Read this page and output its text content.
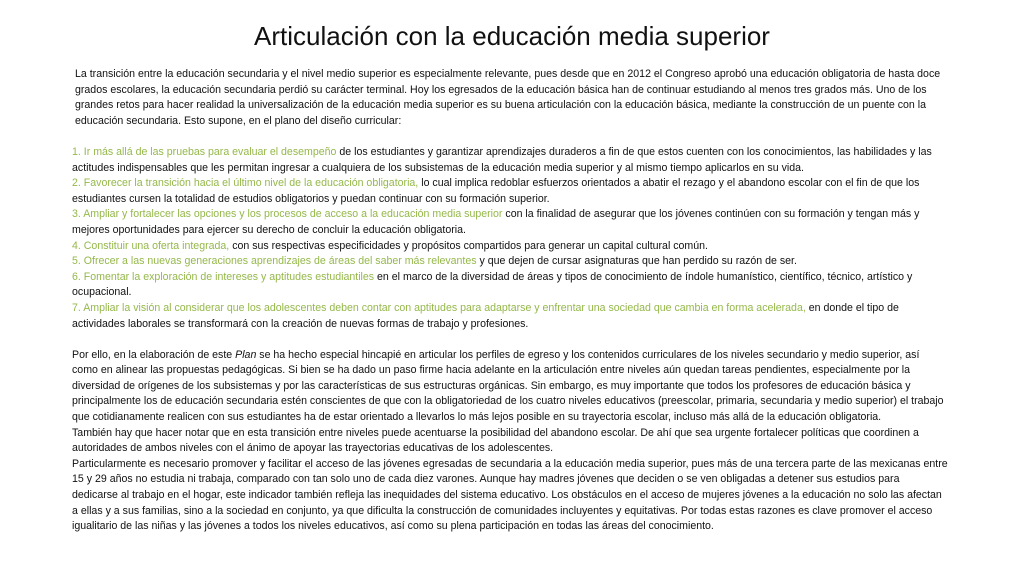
Articulación con la educación media superior

La transición entre la educación secundaria y el nivel medio superior es especialmente relevante, pues desde que en 2012 el Congreso aprobó una educación obligatoria de hasta doce grados escolares, la educación secundaria perdió su carácter terminal. Hoy los egresados de la educación básica han de continuar estudiando al menos tres grados más. Uno de los grandes retos para hacer realidad la universalización de la educación media superior es su buena articulación con la educación básica, mediante la construcción de un puente con la educación secundaria. Esto supone, en el plano del diseño curricular:

1. Ir más allá de las pruebas para evaluar el desempeño de los estudiantes y garantizar aprendizajes duraderos a fin de que estos cuenten con los conocimientos, las habilidades y las actitudes indispensables que les permitan ingresar a cualquiera de los subsistemas de la educación media superior y al mismo tiempo aplicarlos en su vida.

2. Favorecer la transición hacia el último nivel de la educación obligatoria, lo cual implica redoblar esfuerzos orientados a abatir el rezago y el abandono escolar con el fin de que los estudiantes cursen la totalidad de estudios obligatorios y puedan continuar con su formación superior.

3. Ampliar y fortalecer las opciones y los procesos de acceso a la educación media superior con la finalidad de asegurar que los jóvenes continúen con su formación y tengan más y mejores oportunidades para ejercer su derecho de concluir la educación obligatoria.

4. Constituir una oferta integrada, con sus respectivas especificidades y propósitos compartidos para generar un capital cultural común.

5. Ofrecer a las nuevas generaciones aprendizajes de áreas del saber más relevantes y que dejen de cursar asignaturas que han perdido su razón de ser.

6. Fomentar la exploración de intereses y aptitudes estudiantiles en el marco de la diversidad de áreas y tipos de conocimiento de índole humanístico, científico, técnico, artístico y ocupacional.

7. Ampliar la visión al considerar que los adolescentes deben contar con aptitudes para adaptarse y enfrentar una sociedad que cambia en forma acelerada, en donde el tipo de actividades laborales se transformará con la creación de nuevas formas de trabajo y profesiones.

Por ello, en la elaboración de este Plan se ha hecho especial hincapié en articular los perfiles de egreso y los contenidos curriculares de los niveles secundario y medio superior, así como en alinear las propuestas pedagógicas. Si bien se ha dado un paso firme hacia adelante en la articulación entre niveles aún quedan tareas pendientes, especialmente por la diversidad de orígenes de los subsistemas y por las características de sus estructuras orgánicas. Sin embargo, es muy importante que todos los profesores de educación básica y principalmente los de educación secundaria estén conscientes de que con la obligatoriedad de los cuatro niveles educativos (preescolar, primaria, secundaria y medio superior) el trabajo que cotidianamente realicen con sus estudiantes ha de estar orientado a llevarlos lo más lejos posible en su trayectoria escolar, incluso más allá de la educación obligatoria.

También hay que hacer notar que en esta transición entre niveles puede acentuarse la posibilidad del abandono escolar. De ahí que sea urgente fortalecer políticas que coordinen a autoridades de ambos niveles con el ánimo de apoyar las trayectorias educativas de los adolescentes.

Particularmente es necesario promover y facilitar el acceso de las jóvenes egresadas de secundaria a la educación media superior, pues más de una tercera parte de las mexicanas entre 15 y 29 años no estudia ni trabaja, comparado con tan solo uno de cada diez varones. Aunque hay madres jóvenes que deciden o se ven obligadas a detener sus estudios para dedicarse al trabajo en el hogar, este indicador también refleja las inequidades del sistema educativo. Los obstáculos en el acceso de mujeres jóvenes a la educación no solo las afectan a ellas y a sus familias, sino a la sociedad en conjunto, ya que dificulta la construcción de comunidades incluyentes y equitativas. Por todas estas razones es clave promover el acceso igualitario de las niñas y las jóvenes a todos los niveles educativos, así como su plena participación en todas las áreas del conocimiento.
